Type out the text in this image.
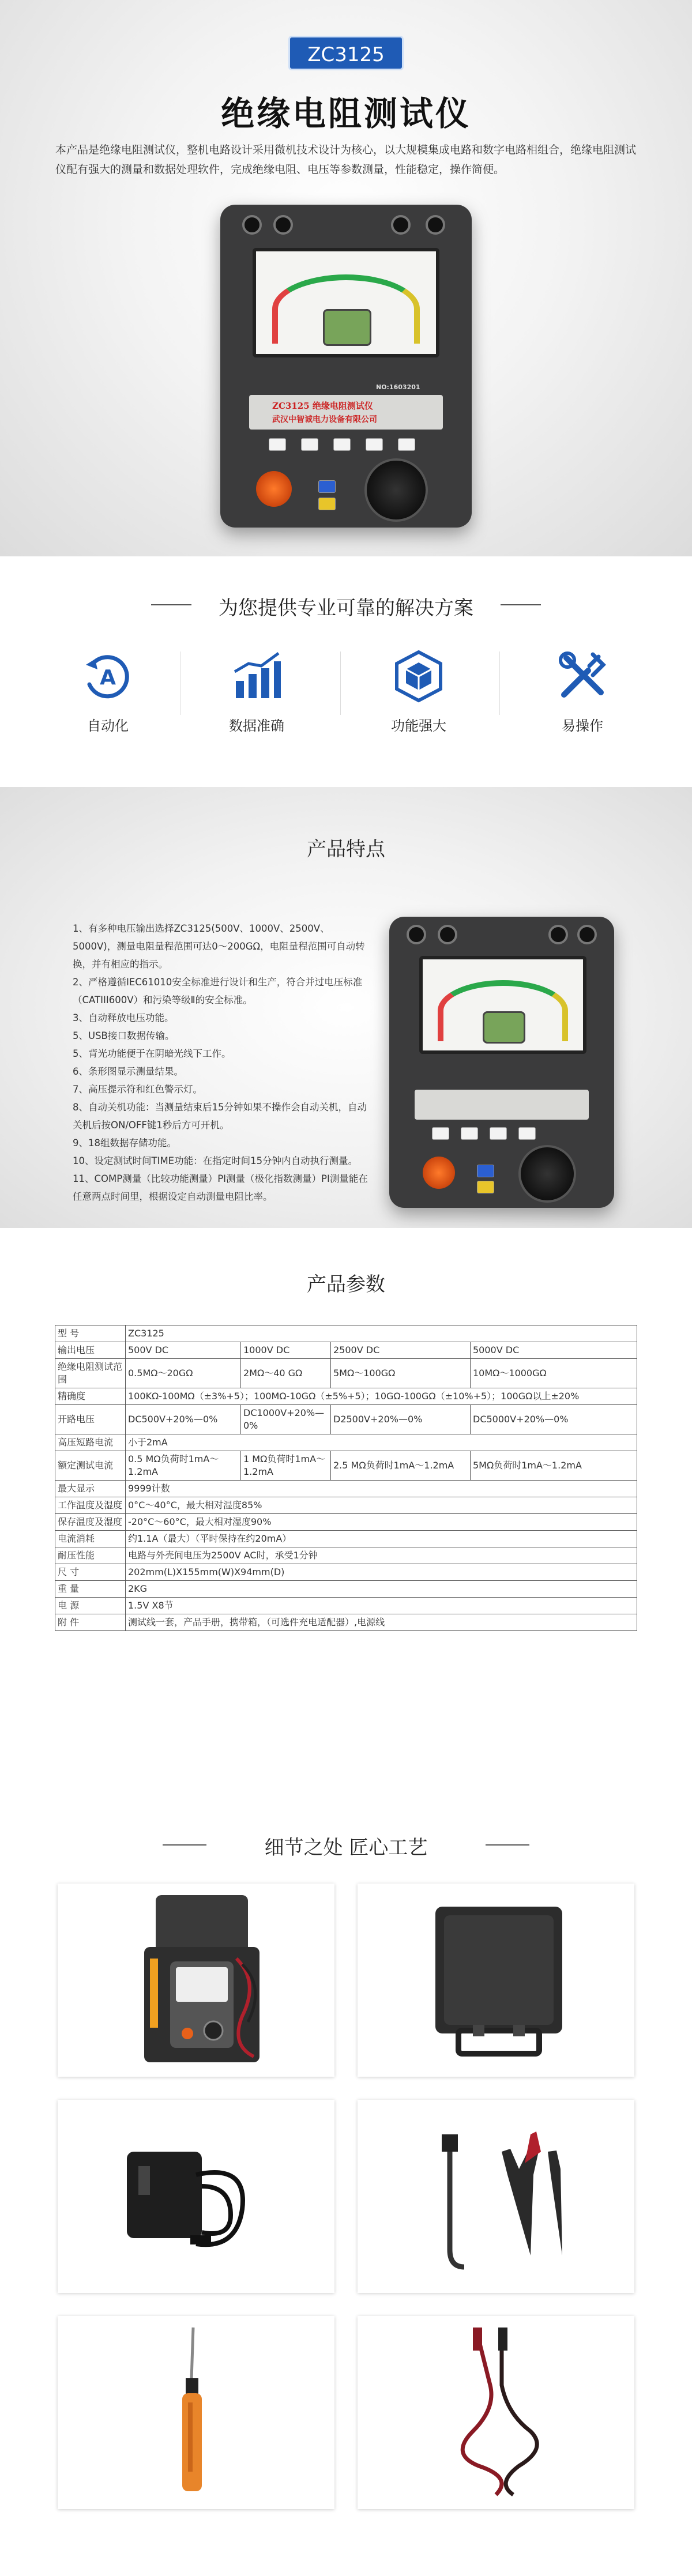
ZC3125
绝缘电阻测试仪
本产品是绝缘电阻测试仪，整机电路设计采用微机技术设计为核心，以大规模集成电路和数字电路相组合，绝缘电阻测试仪配有强大的测量和数据处理软件，完成绝缘电阻、电压等参数测量，性能稳定，操作简便。
NO:1603201
ZC3125 绝缘电阻测试仪
武汉中智诚电力设备有限公司
为您提供专业可靠的解决方案
A
自动化	数据准确	功能强大	易操作
产品特点

1、有多种电压输出选择ZC3125(500V、1000V、2500V、5000V)，测量电阻量程范围可达0～200GΩ，电阻量程范围可自动转换，并有相应的指示。

2、严格遵循IEC61010安全标准进行设计和生产，符合并过电压标准（CATIII600V）和污染等级Ⅱ的安全标准。

3、自动释放电压功能。

5、USB接口数据传输。

5、背光功能便于在阴暗光线下工作。

6、条形图显示测量结果。

7、高压提示符和红色警示灯。

8、自动关机功能：当测量结束后15分钟如果不操作会自动关机，自动关机后按ON/OFF键1秒后方可开机。

9、18组数据存储功能。

10、设定测试时间TIME功能：在指定时间15分钟内自动执行测量。

11、COMP测量（比较功能测量）PI测量（极化指数测量）PI测量能在任意两点时间里，根据设定自动测量电阻比率。

产品参数
型 号	ZC3125			
输出电压	500V DC	1000V DC	2500V DC	5000V DC
绝缘电阻测试范围	0.5MΩ～20GΩ	2MΩ～40 GΩ	5MΩ～100GΩ	10MΩ～1000GΩ
精确度	100KΩ-100MΩ（±3%+5）；100MΩ-10GΩ（±5%+5）；10GΩ-100GΩ（±10%+5）；100GΩ以上±20%			
开路电压	DC500V+20%—0%	DC1000V+20%—0%	D2500V+20%—0%	DC5000V+20%—0%
高压短路电流	小于2mA			
额定测试电流	0.5 MΩ负荷时1mA～1.2mA	1 MΩ负荷时1mA～1.2mA	2.5 MΩ负荷时1mA～1.2mA	5MΩ负荷时1mA～1.2mA
最大显示	9999计数			
工作温度及湿度	0°C～40°C，最大相对湿度85%			
保存温度及湿度	-20°C～60°C，最大相对湿度90%			
电流消耗	约1.1A（最大）（平时保持在约20mA）			
耐压性能	电路与外壳间电压为2500V AC时，承受1分钟			
尺 寸	202mm(L)X155mm(W)X94mm(D)			
重 量	2KG			
电 源	1.5V X8节			
附 件	测试线一套，产品手册，携带箱，（可选件充电适配器）,电源线			
细节之处 匠心工艺
